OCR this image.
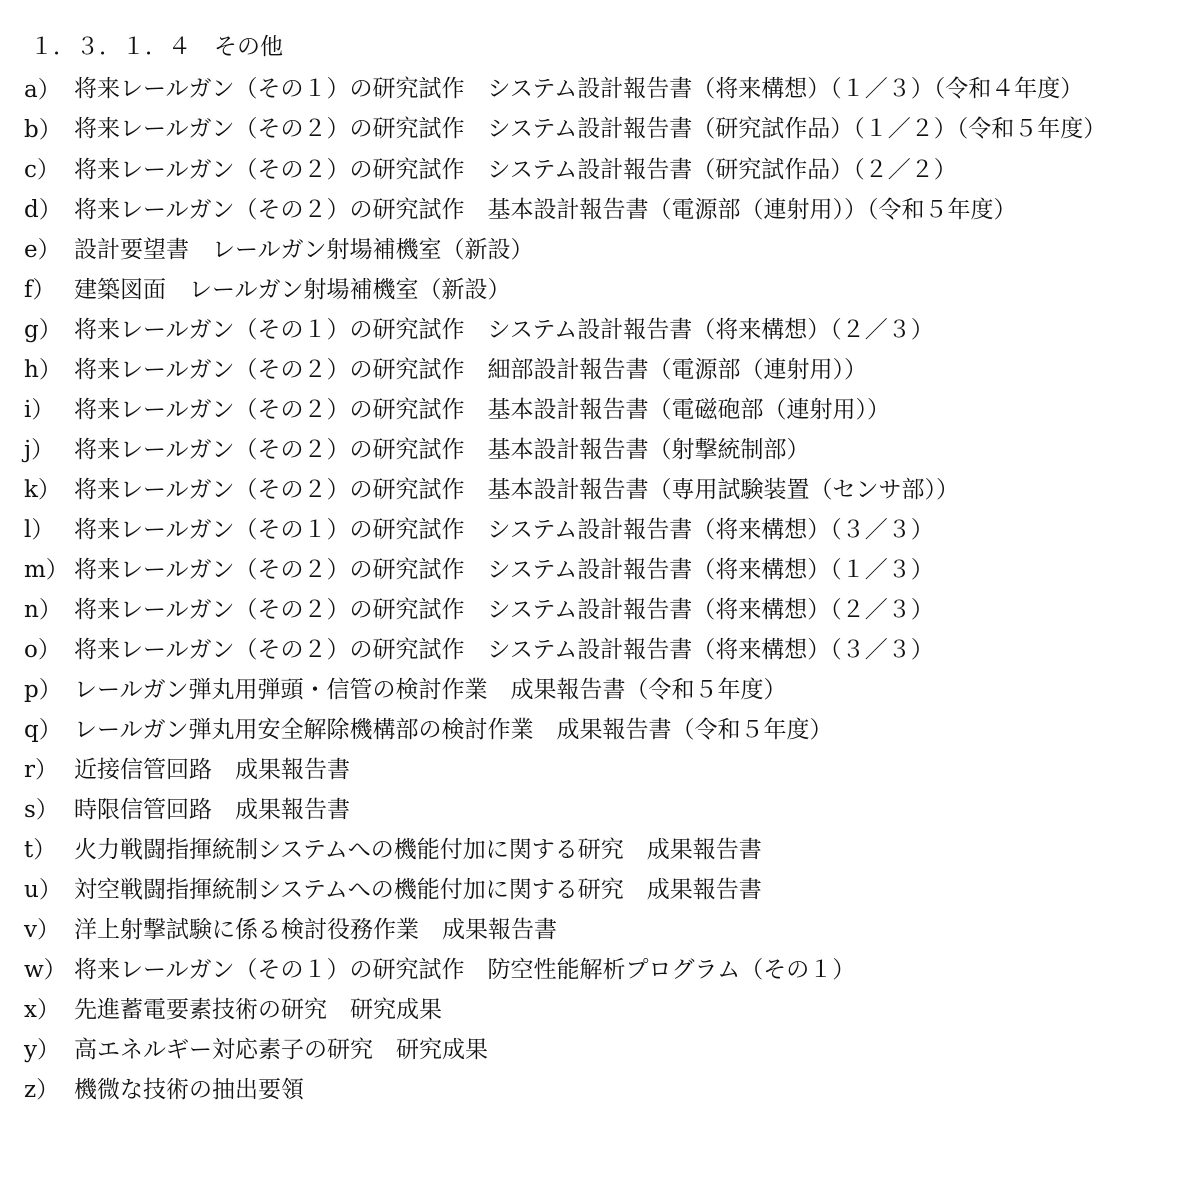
１．３．１．４　その他
a） 将来レールガン（その１）の研究試作　システム設計報告書（将来構想）（１／３）（令和４年度）
b） 将来レールガン（その２）の研究試作　システム設計報告書（研究試作品）（１／２）（令和５年度）
c） 将来レールガン（その２）の研究試作　システム設計報告書（研究試作品）（２／２）
d） 将来レールガン（その２）の研究試作　基本設計報告書（電源部（連射用））（令和５年度）
e） 設計要望書　レールガン射場補機室（新設）
f） 建築図面　レールガン射場補機室（新設）
g） 将来レールガン（その１）の研究試作　システム設計報告書（将来構想）（２／３）
h） 将来レールガン（その２）の研究試作　細部設計報告書（電源部（連射用））
i） 将来レールガン（その２）の研究試作　基本設計報告書（電磁砲部（連射用））
j） 将来レールガン（その２）の研究試作　基本設計報告書（射撃統制部）
k） 将来レールガン（その２）の研究試作　基本設計報告書（専用試験装置（センサ部））
l） 将来レールガン（その１）の研究試作　システム設計報告書（将来構想）（３／３）
m） 将来レールガン（その２）の研究試作　システム設計報告書（将来構想）（１／３）
n） 将来レールガン（その２）の研究試作　システム設計報告書（将来構想）（２／３）
o） 将来レールガン（その２）の研究試作　システム設計報告書（将来構想）（３／３）
p） レールガン弾丸用弾頭・信管の検討作業　成果報告書（令和５年度）
q） レールガン弾丸用安全解除機構部の検討作業　成果報告書（令和５年度）
r） 近接信管回路　成果報告書
s） 時限信管回路　成果報告書
t） 火力戦闘指揮統制システムへの機能付加に関する研究　成果報告書
u） 対空戦闘指揮統制システムへの機能付加に関する研究　成果報告書
v） 洋上射撃試験に係る検討役務作業　成果報告書
w） 将来レールガン（その１）の研究試作　防空性能解析プログラム（その１）
x） 先進蓄電要素技術の研究　研究成果
y） 高エネルギー対応素子の研究　研究成果
z） 機微な技術の抽出要領
